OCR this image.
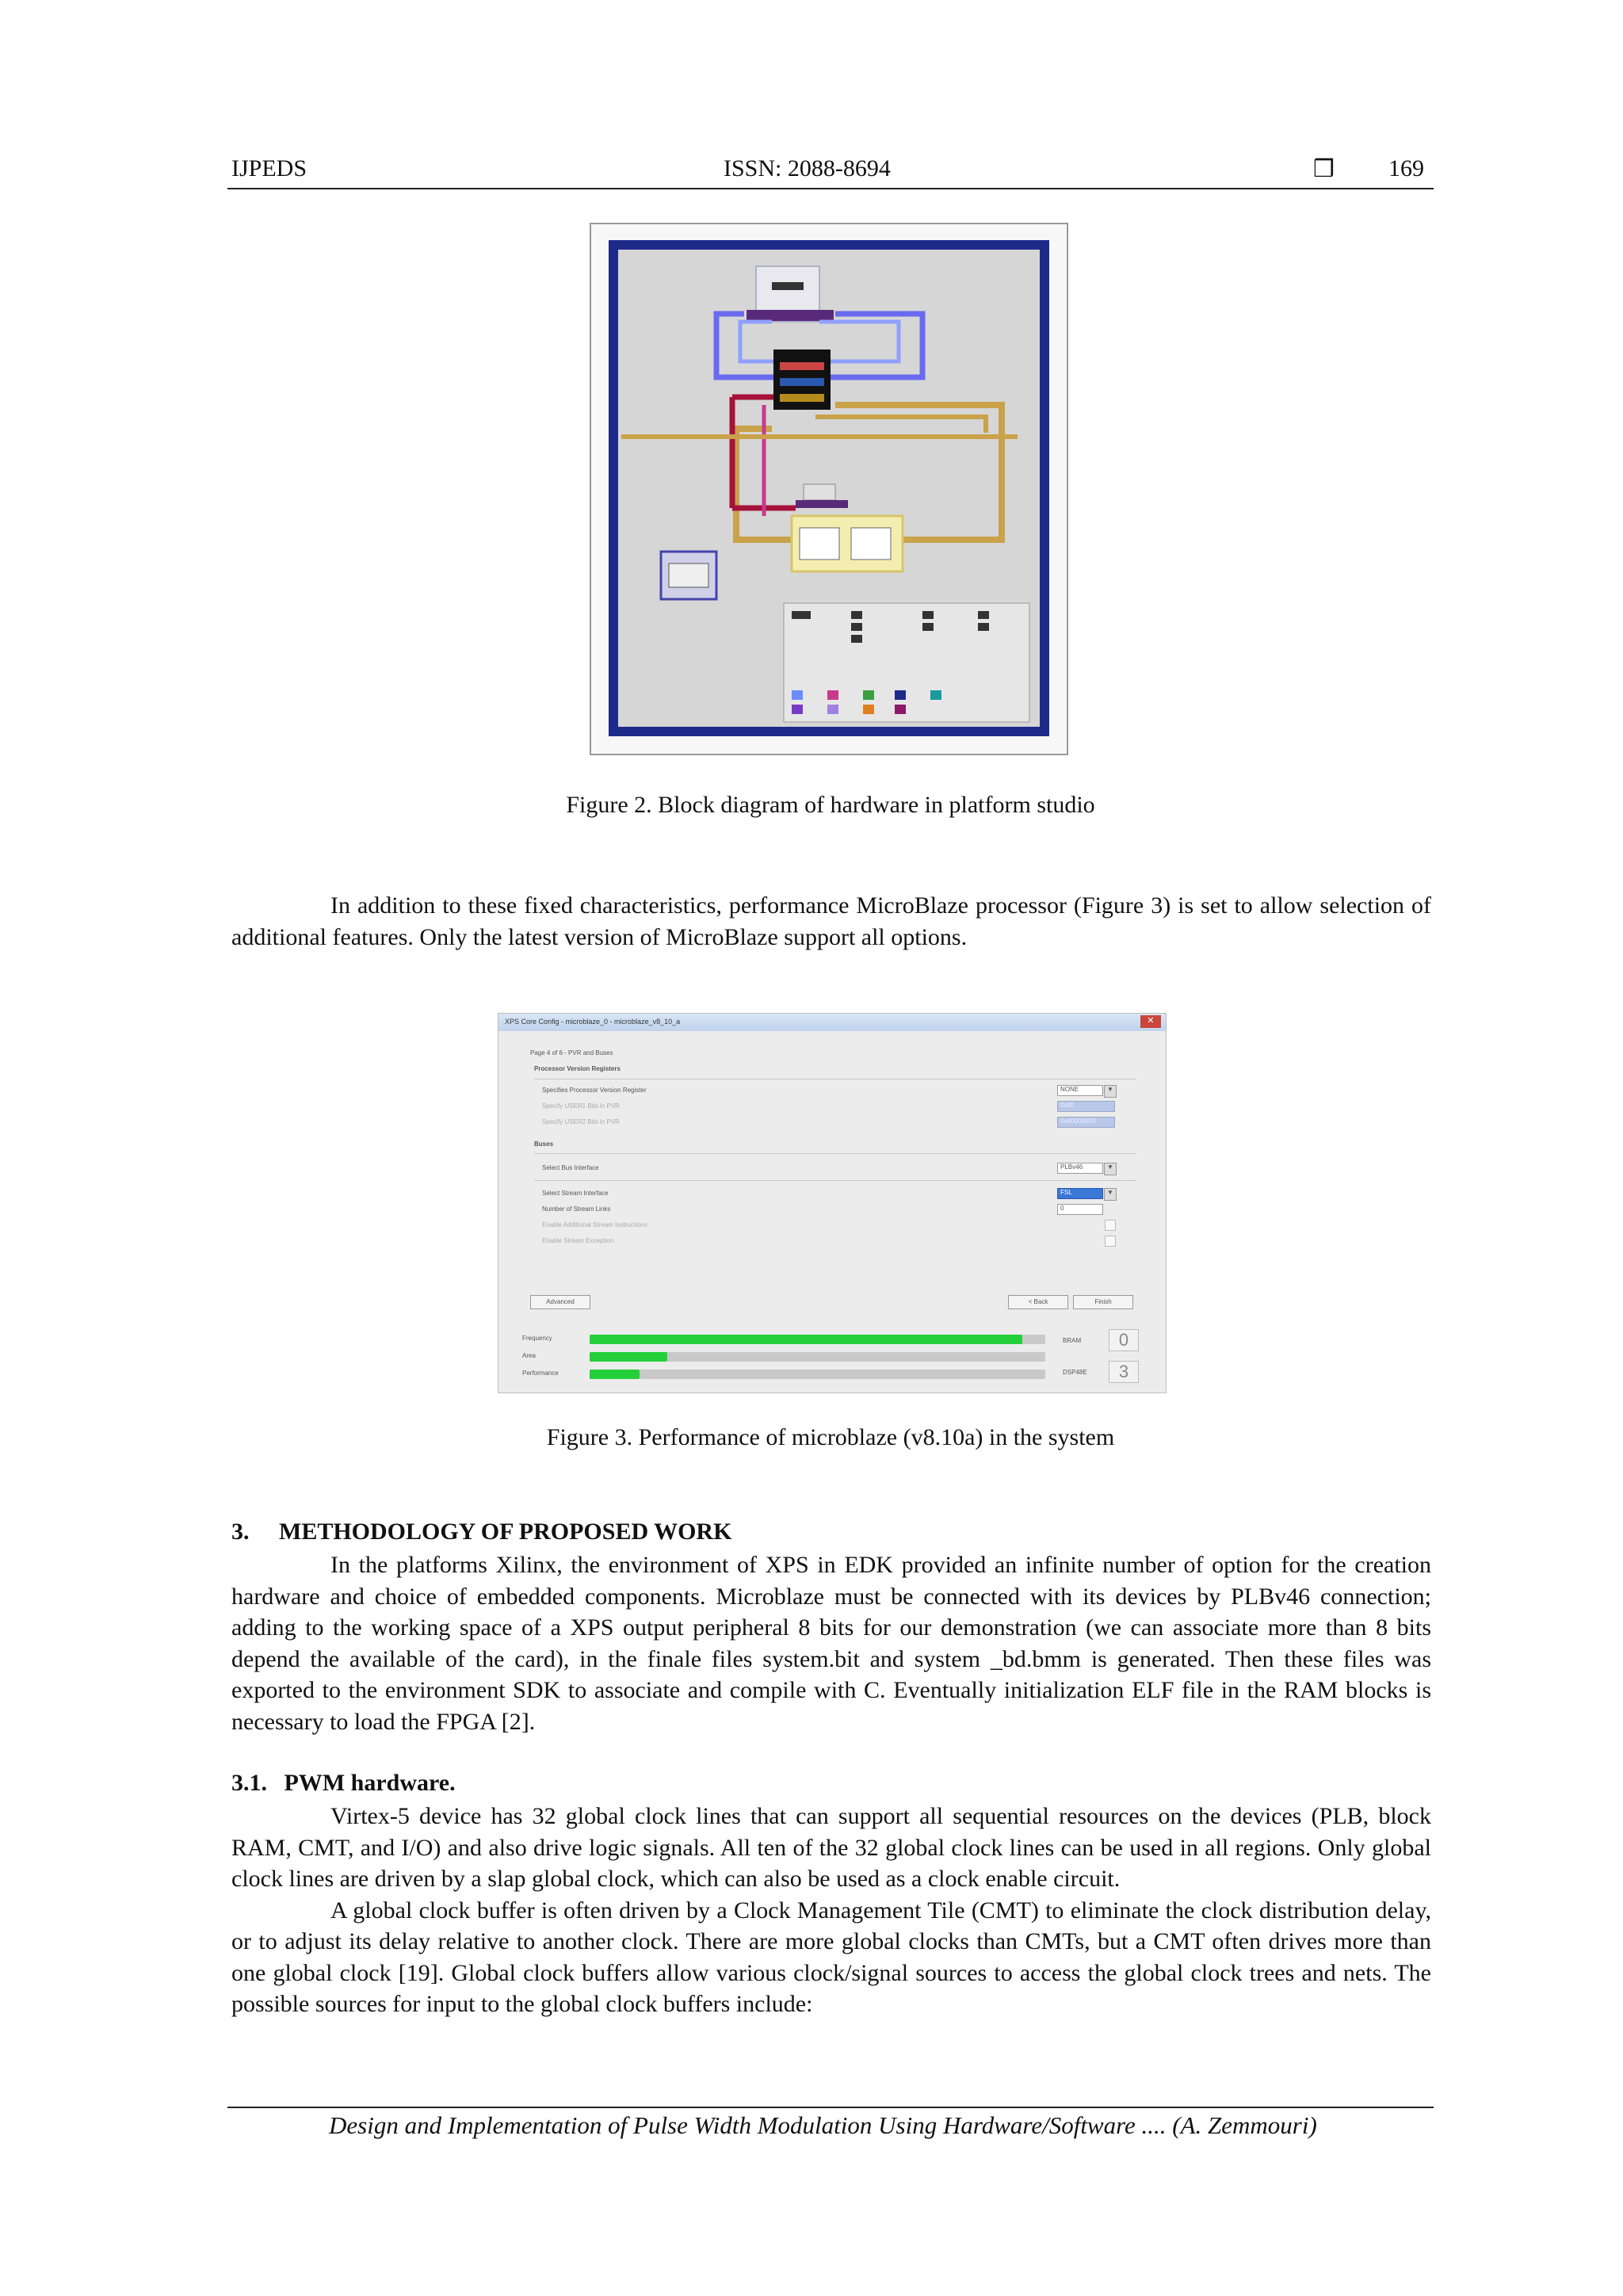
IJPEDS	ISSN: 2088-8694	❒ 169
Figure 2. Block diagram of hardware in platform studio

In addition to these fixed characteristics, performance MicroBlaze processor (Figure 3) is set to allow selection of additional features. Only the latest version of MicroBlaze support all options.

XPS Core Config - microblaze_0 - microblaze_v8_10_a	✕
Page 4 of 6 - PVR and Buses
Processor Version Registers
Specifies Processor Version Register	NONE	▼
Specify USER1 Bits in PVR	0x00
Specify USER2 Bits in PVR	0x00000000
Buses
Select Bus Interface	PLBv46	▼
Select Stream Interface	FSL	▼
Number of Stream Links	0
Enable Additional Stream Instructions
Enable Stream Exception
Advanced	< Back	Finish
Frequency
Area
Performance
BRAM	0
DSP48E	3
Figure 3. Performance of microblaze (v8.10a) in the system
3. METHODOLOGY OF PROPOSED WORK

In the platforms Xilinx, the environment of XPS in EDK provided an infinite number of option for the creation hardware and choice of embedded components. Microblaze must be connected with its devices by PLBv46 connection; adding to the working space of a XPS output peripheral 8 bits for our demonstration (we can associate more than 8 bits depend the available of the card), in the finale files system.bit and system _bd.bmm is generated. Then these files was exported to the environment SDK to associate and compile with C. Eventually initialization ELF file in the RAM blocks is necessary to load the FPGA [2].

3.1. PWM hardware.

Virtex-5 device has 32 global clock lines that can support all sequential resources on the devices (PLB, block RAM, CMT, and I/O) and also drive logic signals. All ten of the 32 global clock lines can be used in all regions. Only global clock lines are driven by a slap global clock, which can also be used as a clock enable circuit.

A global clock buffer is often driven by a Clock Management Tile (CMT) to eliminate the clock distribution delay, or to adjust its delay relative to another clock. There are more global clocks than CMTs, but a CMT often drives more than one global clock [19]. Global clock buffers allow various clock/signal sources to access the global clock trees and nets. The possible sources for input to the global clock buffers include:

Design and Implementation of Pulse Width Modulation Using Hardware/Software .... (A. Zemmouri)
